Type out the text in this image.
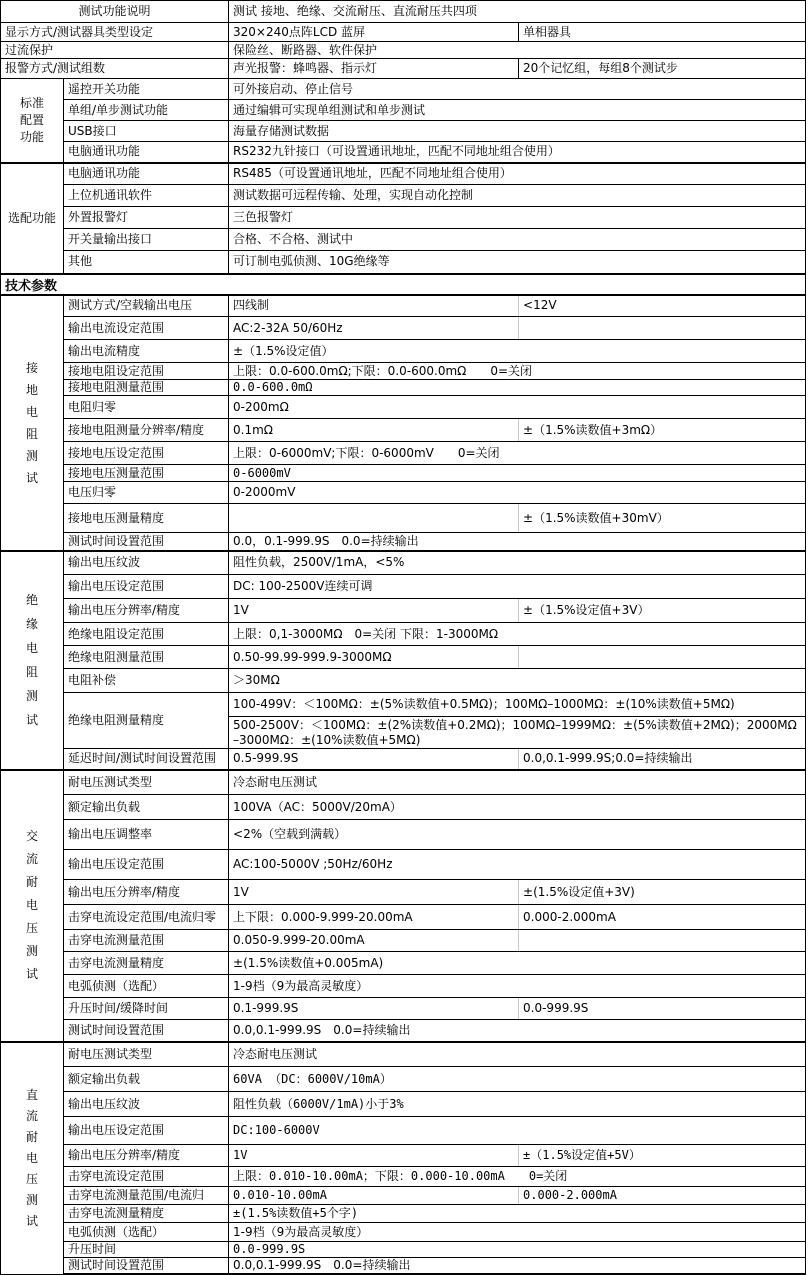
测试功能说明		测试 接地、绝缘、交流耐压、直流耐压共四项	
显示方式/测试器具类型设定		320×240点阵LCD 蓝屏	单相器具
过流保护		保险丝、断路器、软件保护	
报警方式/测试组数		声光报警：蜂鸣器、指示灯	20个记忆组，每组8个测试步

标准
配置
功能	遥控开关功能	可外接启动、停止信号	
	单组/单步测试功能	通过编辑可实现单组测试和单步测试	
	USB接口	海量存储测试数据	
	电脑通讯功能	RS232九针接口（可设置通讯地址，匹配不同地址组合使用）	

选配功能	电脑通讯功能	RS485（可设置通讯地址，匹配不同地址组合使用）	
	上位机通讯软件	测试数据可远程传输、处理，实现自动化控制	
	外置报警灯	三色报警灯	
	开关量输出接口	合格、不合格、测试中	
	其他	可订制电弧侦测、10G绝缘等	
技术参数			

接
地
电
阻
测
试
	测试方式/空载输出电压	四线制	<12V
	输出电流设定范围	AC:2-32A 50/60Hz	
	输出电流精度	±（1.5%设定值）	
	接地电阻设定范围	上限：0.0-600.0mΩ;下限：0.0-600.0mΩ　　0=关闭	
	接地电阻测量范围	0.0-600.0mΩ	
	电阻归零	0-200mΩ	
	接地电阻测量分辨率/精度	0.1mΩ	±（1.5%读数值+3mΩ）
	接地电压设定范围	上限：0-6000mV;下限：0-6000mV　　0=关闭	
	接地电压测量范围	0-6000mV	
	电压归零	0-2000mV	
	接地电压测量精度		±（1.5%读数值+30mV）
	测试时间设置范围	0.0，0.1-999.9S　0.0=持续输出	

绝
缘
电
阻
测
试
	输出电压纹波	阻性负载，2500V/1mA，<5%
	输出电压设定范围	DC: 100-2500V连续可调	
	输出电压分辨率/精度	1V	±（1.5%设定值+3V）
	绝缘电阻设定范围	上限：0,1-3000MΩ　0=关闭 下限：1-3000MΩ	
	绝缘电阻测量范围	0.50-99.99-999.9-3000MΩ	
	电阻补偿	＞30MΩ	
	绝缘电阻测量精度	100-499V：＜100MΩ：±(5%读数值+0.5MΩ)；100MΩ–1000MΩ：±(10%读数值+5MΩ)	
		500-2500V：＜100MΩ：±(2%读数值+0.2MΩ)；100MΩ–1999MΩ：±(5%读数值+2MΩ)；2000MΩ–3000MΩ：±(10%读数值+5MΩ)	
	延迟时间/测试时间设置范围	0.5-999.9S	0.0,0.1-999.9S;0.0=持续输出

交
流
耐
电
压
测
试
	耐电压测试类型	冷态耐电压测试
	额定输出负载	100VA（AC：5000V/20mA）	
	输出电压调整率	<2%（空载到满载）	
	输出电压设定范围	AC:100-5000V ;50Hz/60Hz	
	输出电压分辨率/精度	1V	±(1.5%设定值+3V)
	击穿电流设定范围/电流归零	上下限：0.000-9.999-20.00mA	0.000-2.000mA
	击穿电流测量范围	0.050-9.999-20.00mA	
	击穿电流测量精度	±(1.5%读数值+0.005mA)	
	电弧侦测（选配）	1-9档（9为最高灵敏度）	
	升压时间/缓降时间	0.1-999.9S	0.0-999.9S
	测试时间设置范围	0.0,0.1-999.9S　0.0=持续输出	

直
流
耐
电
压
测
试
	耐电压测试类型	冷态耐电压测试
	额定输出负载	60VA （DC：6000V/10mA）	
	输出电压纹波	阻性负载（6000V/1mA)小于3%	
	输出电压设定范围	DC:100-6000V	
	输出电压分辨率/精度	1V	±（1.5%设定值+5V）
	击穿电流设定范围	上限：0.010-10.00mA；下限：0.000-10.00mA　　0=关闭	
	击穿电流测量范围/电流归	0.010-10.00mA	0.000-2.000mA
	击穿电流测量精度	±(1.5%读数值+5个字)	
	电弧侦测（选配）	1-9档（9为最高灵敏度）	
	升压时间	0.0-999.9S	
	测试时间设置范围	0.0,0.1-999.9S　0.0=持续输出	
